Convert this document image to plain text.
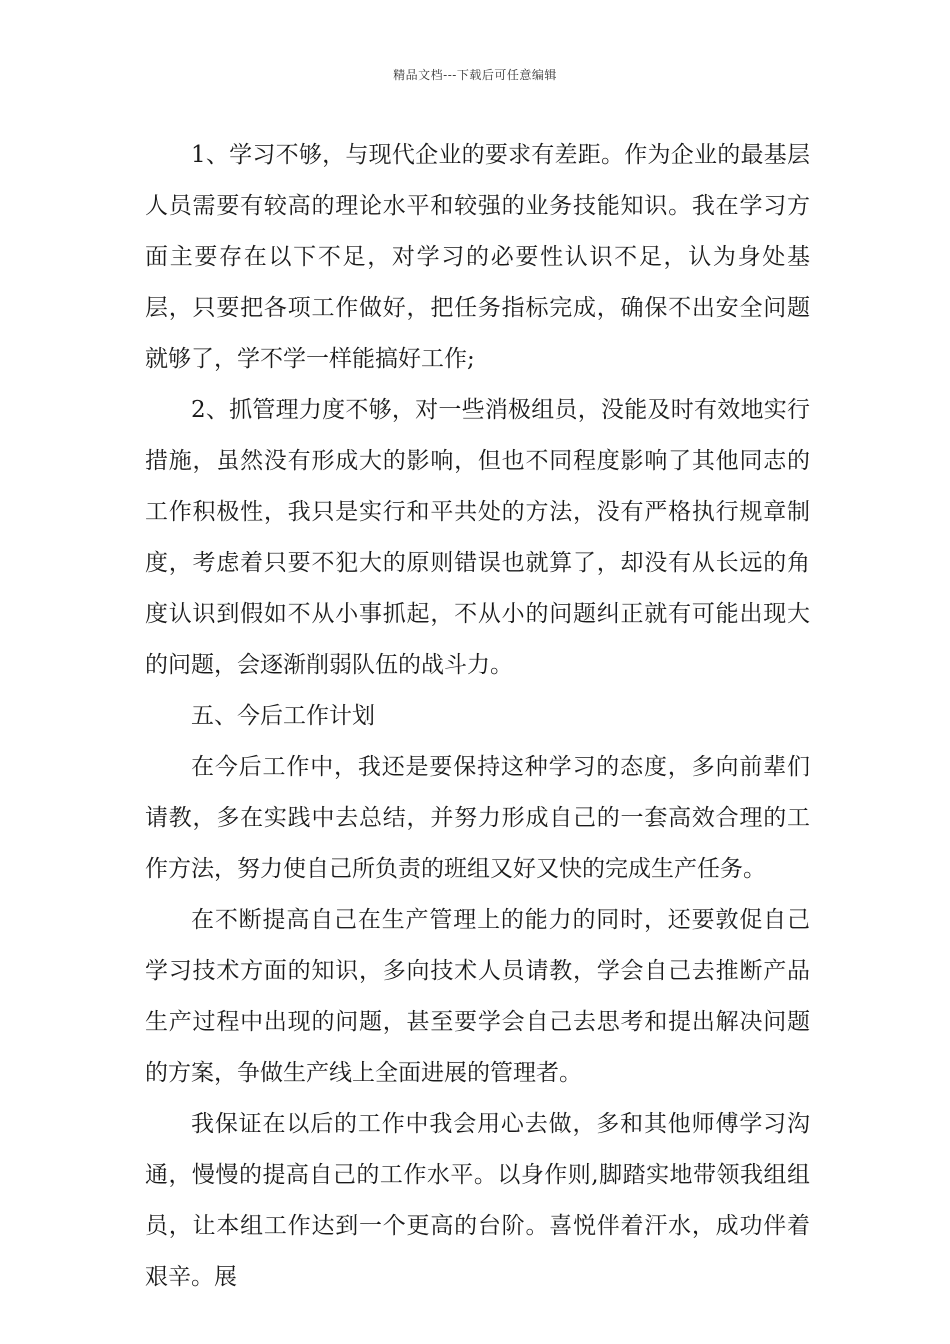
精品文档---下载后可任意编辑

1、学习不够，与现代企业的要求有差距。作为企业的最基层人员需要有较高的理论水平和较强的业务技能知识。我在学习方面主要存在以下不足，对学习的必要性认识不足，认为身处基层，只要把各项工作做好，把任务指标完成，确保不出安全问题就够了，学不学一样能搞好工作;

2、抓管理力度不够，对一些消极组员，没能及时有效地实行措施，虽然没有形成大的影响，但也不同程度影响了其他同志的工作积极性，我只是实行和平共处的方法，没有严格执行规章制度，考虑着只要不犯大的原则错误也就算了，却没有从长远的角度认识到假如不从小事抓起，不从小的问题纠正就有可能出现大的问题，会逐渐削弱队伍的战斗力。

五、今后工作计划

在今后工作中，我还是要保持这种学习的态度，多向前辈们请教，多在实践中去总结，并努力形成自己的一套高效合理的工作方法，努力使自己所负责的班组又好又快的完成生产任务。

在不断提高自己在生产管理上的能力的同时，还要敦促自己学习技术方面的知识，多向技术人员请教，学会自己去推断产品生产过程中出现的问题，甚至要学会自己去思考和提出解决问题的方案，争做生产线上全面进展的管理者。

我保证在以后的工作中我会用心去做，多和其他师傅学习沟通，慢慢的提高自己的工作水平。以身作则,脚踏实地带领我组组员，让本组工作达到一个更高的台阶。喜悦伴着汗水，成功伴着艰辛。展
